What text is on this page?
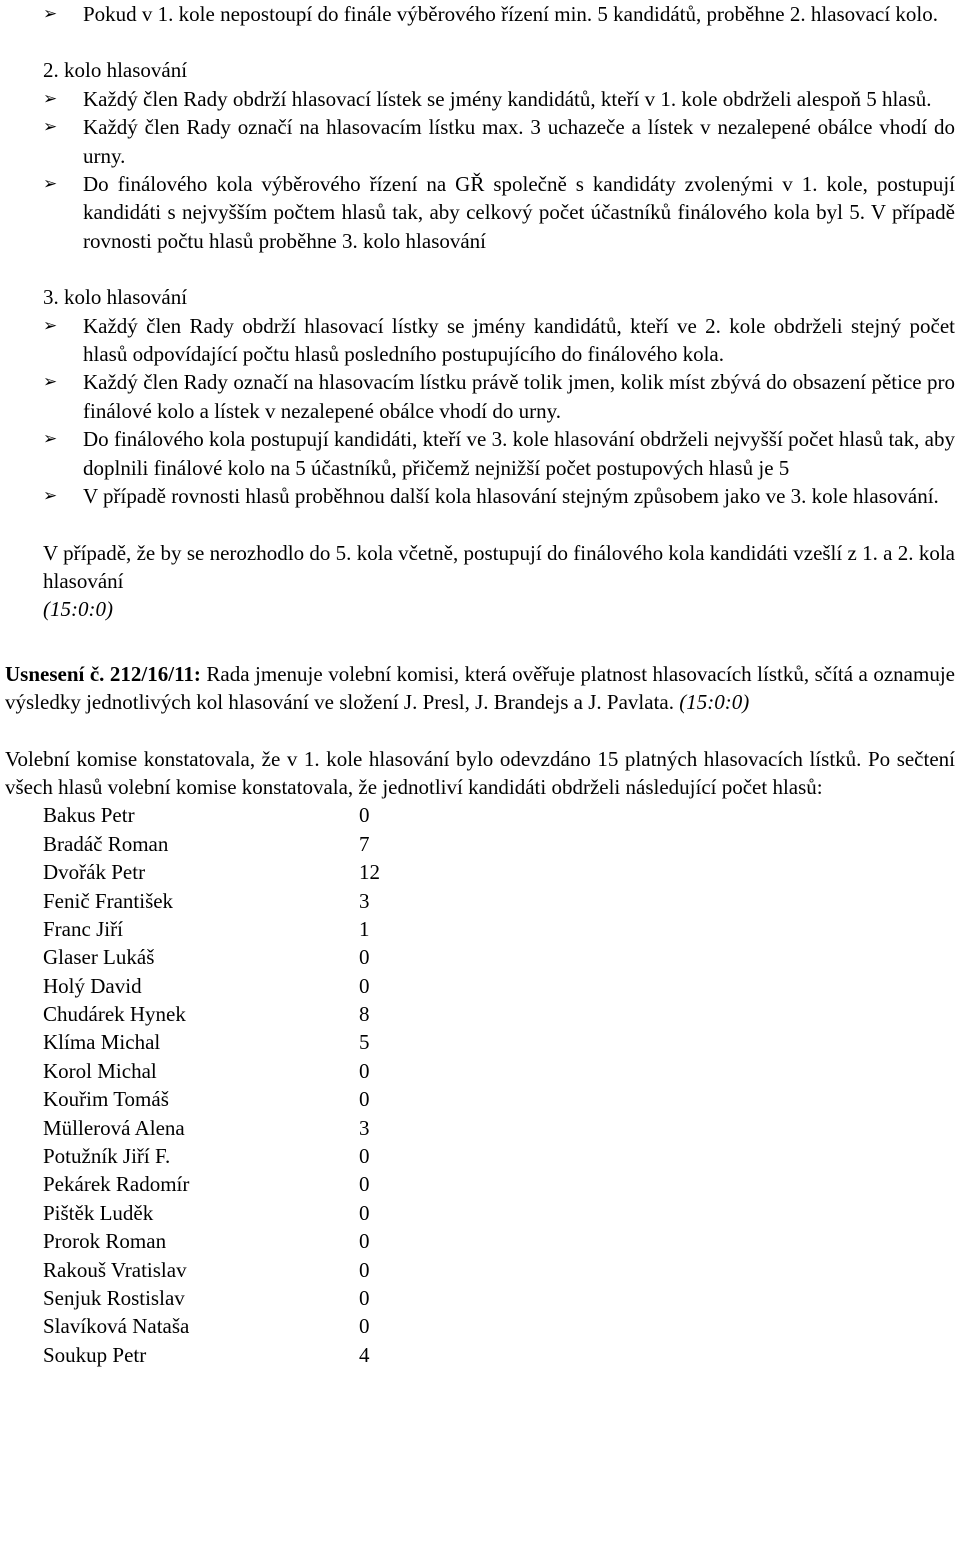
➢	Pokud v 1. kole nepostoupí do finále výběrového řízení min. 5 kandidátů, proběhne 2. hlasovací kolo.

2. kolo hlasování

➢	Každý člen Rady obdrží hlasovací lístek se jmény kandidátů, kteří v 1. kole obdrželi alespoň 5 hlasů.

➢	Každý člen Rady označí na hlasovacím lístku max. 3 uchazeče a lístek v nezalepené obálce vhodí do urny.

➢	Do finálového kola výběrového řízení na GŘ společně s kandidáty zvolenými v 1. kole, postupují kandidáti s nejvyšším počtem hlasů tak, aby celkový počet účastníků finálového kola byl 5. V případě rovnosti počtu hlasů proběhne 3. kolo hlasování

3. kolo hlasování

➢	Každý člen Rady obdrží hlasovací lístky se jmény kandidátů, kteří ve 2. kole obdrželi stejný počet hlasů odpovídající počtu hlasů posledního postupujícího do finálového kola.

➢	Každý člen Rady označí na hlasovacím lístku právě tolik jmen, kolik míst zbývá do obsazení pětice pro finálové kolo a lístek v nezalepené obálce vhodí do urny.

➢	Do finálového kola postupují kandidáti, kteří ve 3. kole hlasování obdrželi nejvyšší počet hlasů tak, aby doplnili finálové kolo na 5 účastníků, přičemž nejnižší počet postupových hlasů je 5

➢	V případě rovnosti hlasů proběhnou další kola hlasování stejným způsobem jako ve 3. kole hlasování.

V případě, že by se nerozhodlo do 5. kola včetně, postupují do finálového kola kandidáti vzešlí z 1. a 2. kola hlasování

(15:0:0)

Usnesení č. 212/16/11: Rada jmenuje volební komisi, která ověřuje platnost hlasovacích lístků, sčítá a oznamuje výsledky jednotlivých kol hlasování ve složení J. Presl, J. Brandejs a J. Pavlata. (15:0:0)

Volební komise konstatovala, že v 1. kole hlasování bylo odevzdáno 15 platných hlasovacích lístků. Po sečtení všech hlasů volební komise konstatovala, že jednotliví kandidáti obdrželi následující počet hlasů:

Bakus Petr	0
Bradáč Roman	7
Dvořák Petr	12
Fenič František	3
Franc Jiří	1
Glaser Lukáš	0
Holý David	0
Chudárek Hynek	8
Klíma Michal	5
Korol Michal	0
Kouřim Tomáš	0
Müllerová Alena	3
Potužník Jiří F.	0
Pekárek Radomír	0
Pištěk Luděk	0
Prorok Roman	0
Rakouš Vratislav	0
Senjuk Rostislav	0
Slavíková Nataša	0
Soukup Petr	4
